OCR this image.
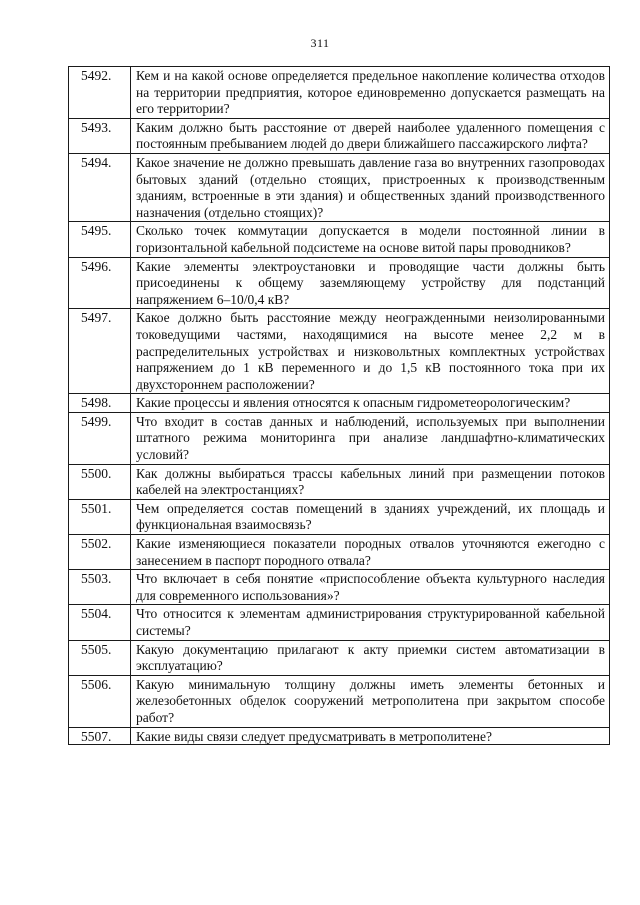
311
5492.	Кем и на какой основе определяется предельное накопление количества отходов на территории предприятия, которое единовременно допускается размещать на его территории?
5493.	Каким должно быть расстояние от дверей наиболее удаленного помещения с постоянным пребыванием людей до двери ближайшего пассажирского лифта?
5494.	Какое значение не должно превышать давление газа во внутренних газопроводах бытовых зданий (отдельно стоящих, пристроенных к производственным зданиям, встроенные в эти здания) и общественных зданий производственного назначения (отдельно стоящих)?
5495.	Сколько точек коммутации допускается в модели постоянной линии в горизонтальной кабельной подсистеме на основе витой пары проводников?
5496.	Какие элементы электроустановки и проводящие части должны быть присоединены к общему заземляющему устройству для подстанций напряжением 6–10/0,4 кВ?
5497.	Какое должно быть расстояние между неогражденными неизолированными токоведущими частями, находящимися на высоте менее 2,2 м в распределительных устройствах и низковольтных комплектных устройствах напряжением до 1 кВ переменного и до 1,5 кВ постоянного тока при их двухстороннем расположении?
5498.	Какие процессы и явления относятся к опасным гидрометеорологическим?
5499.	Что входит в состав данных и наблюдений, используемых при выполнении штатного режима мониторинга при анализе ландшафтно-климатических условий?
5500.	Как должны выбираться трассы кабельных линий при размещении потоков кабелей на электростанциях?
5501.	Чем определяется состав помещений в зданиях учреждений, их площадь и функциональная взаимосвязь?
5502.	Какие изменяющиеся показатели породных отвалов уточняются ежегодно с занесением в паспорт породного отвала?
5503.	Что включает в себя понятие «приспособление объекта культурного наследия для современного использования»?
5504.	Что относится к элементам администрирования структурированной кабельной системы?
5505.	Какую документацию прилагают к акту приемки систем автоматизации в эксплуатацию?
5506.	Какую минимальную толщину должны иметь элементы бетонных и железобетонных обделок сооружений метрополитена при закрытом способе работ?
5507.	Какие виды связи следует предусматривать в метрополитене?
